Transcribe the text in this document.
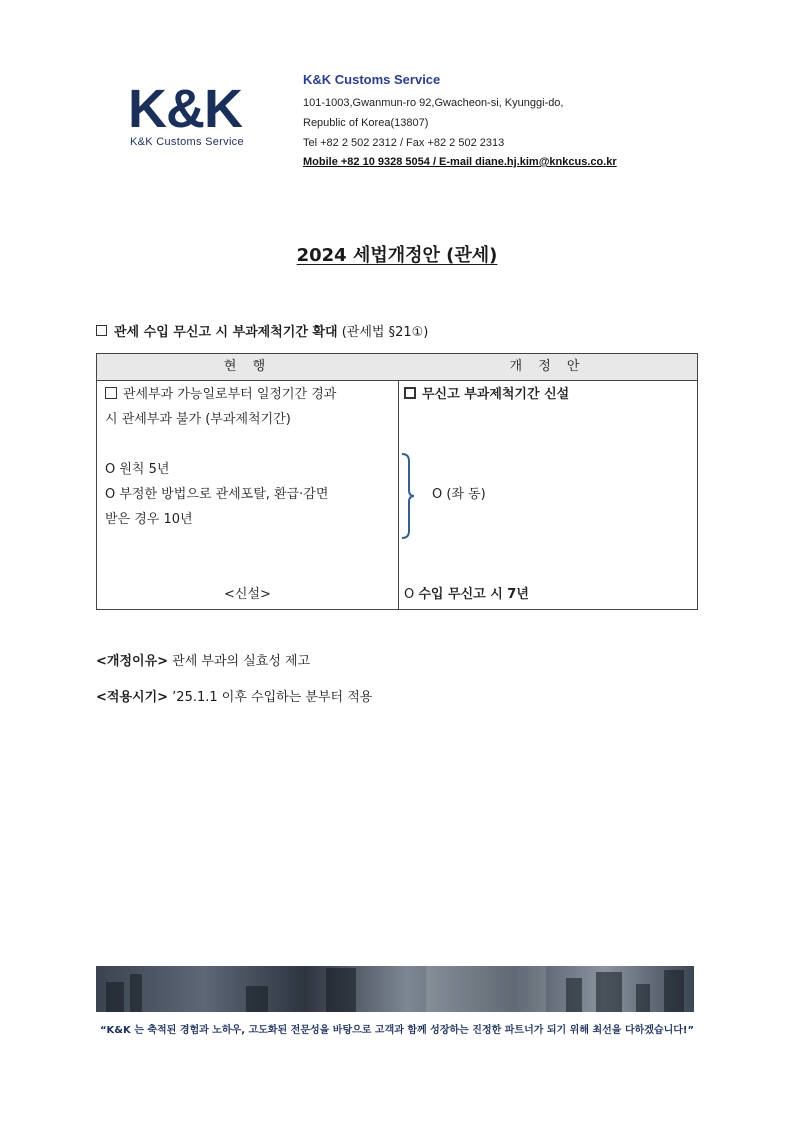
K&K
K&K Customs Service
K&K Customs Service
101-1003,Gwanmun-ro 92,Gwacheon-si, Kyunggi-do,
Republic of Korea(13807)
Tel +82 2 502 2312 / Fax +82 2 502 2313
Mobile +82 10 9328 5054 / E-mail diane.hj.kim@knkcus.co.kr
2024 세법개정안 (관세)
관세 수입 무신고 시 부과제척기간 확대 (관세법 §21①)
현 행	개 정 안
관세부과 가능일로부터 일정기간 경과
시 관세부과 불가 (부과제척기간)
O 원칙 5년
O 부정한 방법으로 관세포탈, 환급·감면
받은 경우 10년
<신설>
무신고 부과제척기간 신설
O (좌 동)
O 수입 무신고 시 7년
<개정이유> 관세 부과의 실효성 제고
<적용시기> ’25.1.1 이후 수입하는 분부터 적용
“K&K 는 축적된 경험과 노하우, 고도화된 전문성을 바탕으로 고객과 함께 성장하는 진정한 파트너가 되기 위해 최선을 다하겠습니다!”
